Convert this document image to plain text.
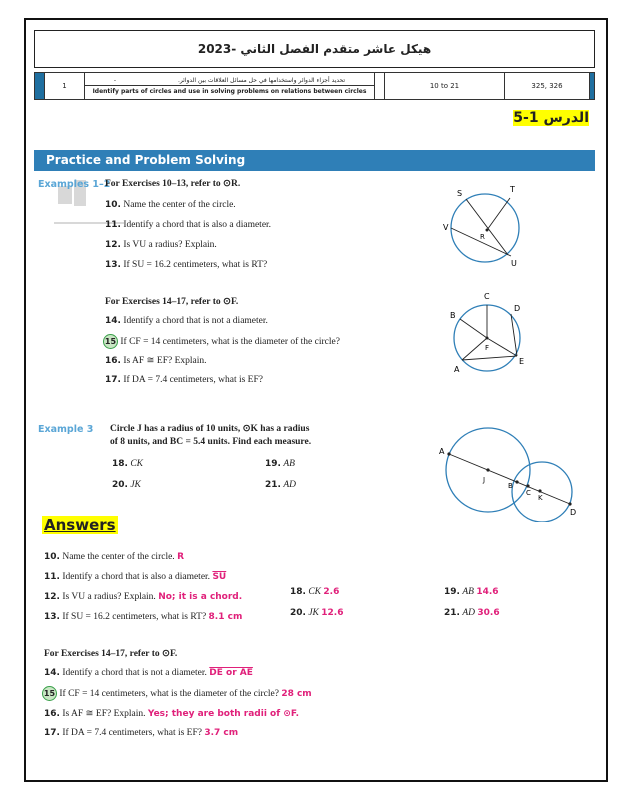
هيكل عاشر متقدم الفصل الثاني -2023
1
تحديد أجزاء الدوائر واستخدامها في حل مسائل العلاقات بين الدوائر. -
Identify parts of circles and use in solving problems on relations between circles
10 to 21	325, 326
الدرس 1-5
Practice and Problem Solving
Examples 1–2
For Exercises 10–13, refer to ⊙R.
10. Name the center of the circle.
11. Identify a chord that is also a diameter.
12. Is VU a radius? Explain.
13. If SU = 16.2 centimeters, what is RT?
For Exercises 14–17, refer to ⊙F.
14. Identify a chord that is not a diameter.
15 If CF = 14 centimeters, what is the diameter of the circle?
16. Is AF ≅ EF? Explain.
17. If DA = 7.4 centimeters, what is EF?
Example 3 Circle J has a radius of 10 units, ⊙K has a radius
of 8 units, and BC = 5.4 units. Find each measure.
18. CK	19. AB
20. JK	21. AD
S	T
V
R
U
C
D
B
F
E
A
A
J
B
C
K
D
Answers
10. Name the center of the circle. R
11. Identify a chord that is also a diameter. $\overline{SU}$
12. Is VU a radius? Explain. No; it is a chord.
13. If SU = 16.2 centimeters, what is RT? 8.1 cm
18. CK 2.6	19. AB 14.6
20. JK 12.6	21. AD 30.6
For Exercises 14–17, refer to ⊙F.
14. Identify a chord that is not a diameter. DE or AE
15 If CF = 14 centimeters, what is the diameter of the circle? 28 cm
16. Is AF ≅ EF? Explain. Yes; they are both radii of ⊙F.
17. If DA = 7.4 centimeters, what is EF? 3.7 cm
